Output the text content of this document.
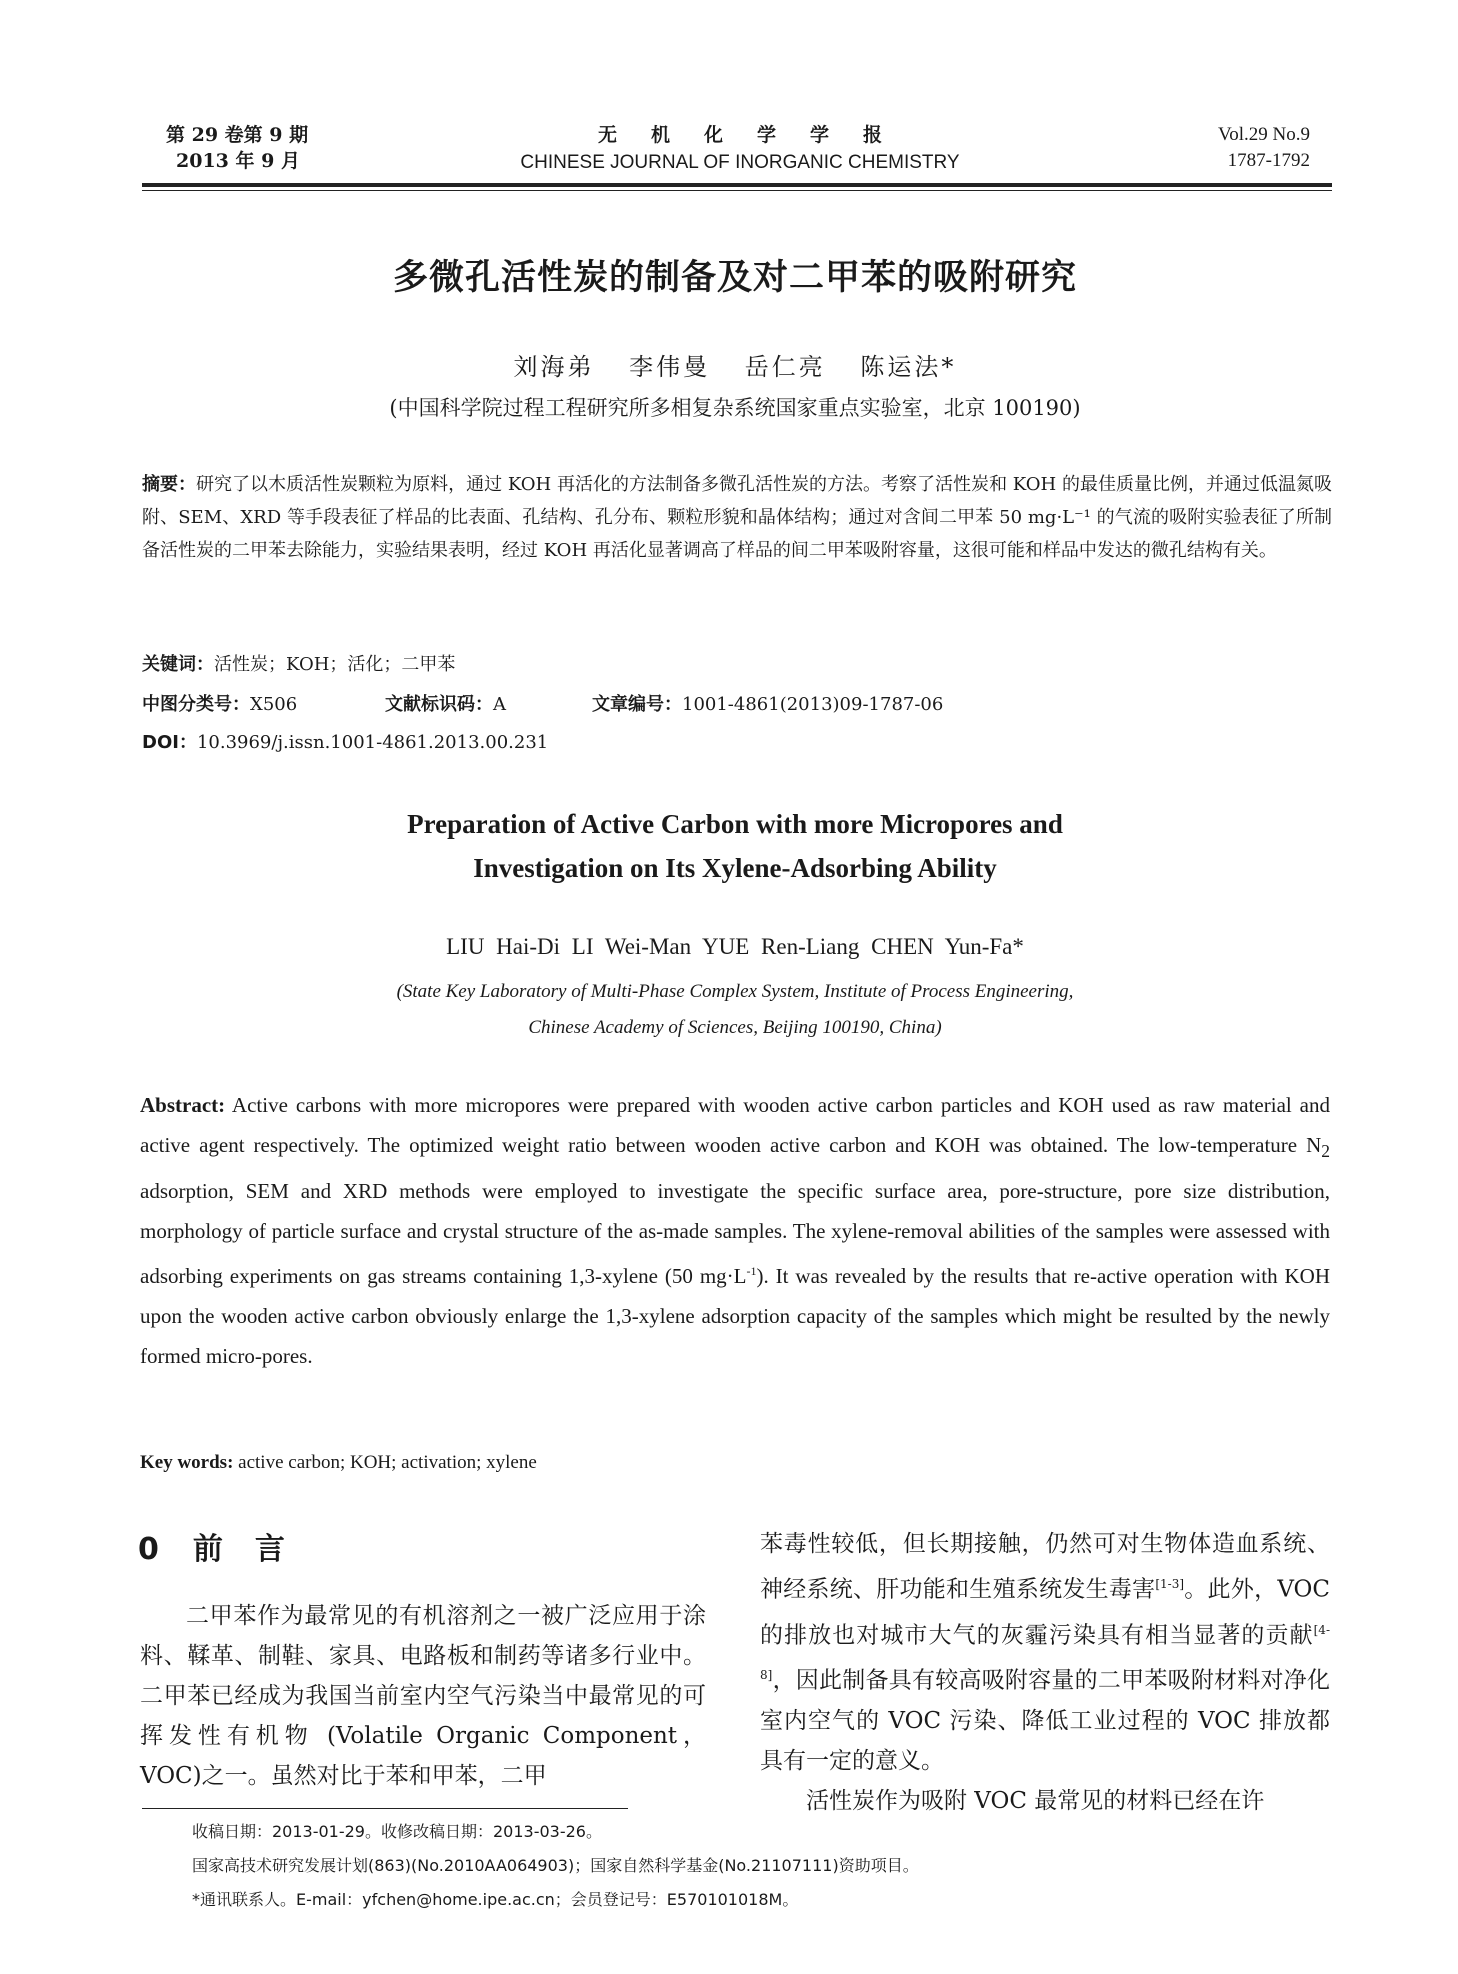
第 29 卷第 9 期
2013 年 9 月
无机化学学报
CHINESE JOURNAL OF INORGANIC CHEMISTRY
Vol.29 No.9
1787-1792
多微孔活性炭的制备及对二甲苯的吸附研究
刘海弟 李伟曼 岳仁亮 陈运法*
(中国科学院过程工程研究所多相复杂系统国家重点实验室，北京 100190)
摘要：研究了以木质活性炭颗粒为原料，通过 KOH 再活化的方法制备多微孔活性炭的方法。考察了活性炭和 KOH 的最佳质量比例，并通过低温氮吸附、SEM、XRD 等手段表征了样品的比表面、孔结构、孔分布、颗粒形貌和晶体结构；通过对含间二甲苯 50 mg·L⁻¹ 的气流的吸附实验表征了所制备活性炭的二甲苯去除能力，实验结果表明，经过 KOH 再活化显著调高了样品的间二甲苯吸附容量，这很可能和样品中发达的微孔结构有关。
关键词：活性炭；KOH；活化；二甲苯
中图分类号：X506	文献标识码：A	文章编号：1001-4861(2013)09-1787-06
DOI：10.3969/j.issn.1001-4861.2013.00.231
Preparation of Active Carbon with more Micropores and
Investigation on Its Xylene-Adsorbing Ability
LIU Hai-Di LI Wei-Man YUE Ren-Liang CHEN Yun-Fa*
(State Key Laboratory of Multi-Phase Complex System, Institute of Process Engineering,
Chinese Academy of Sciences, Beijing 100190, China)
Abstract: Active carbons with more micropores were prepared with wooden active carbon particles and KOH used as raw material and active agent respectively. The optimized weight ratio between wooden active carbon and KOH was obtained. The low-temperature $N_2$ adsorption, SEM and XRD methods were employed to investigate the specific surface area, pore-structure, pore size distribution, morphology of particle surface and crystal structure of the as-made samples. The xylene-removal abilities of the samples were assessed with adsorbing experiments on gas streams containing 1,3-xylene (50 $mg\cdot L^{-1}$). It was revealed by the results that re-active operation with KOH upon the wooden active carbon obviously enlarge the 1,3-xylene adsorption capacity of the samples which might be resulted by the newly formed micro-pores.
Key words: active carbon; KOH; activation; xylene
0 前言
二甲苯作为最常见的有机溶剂之一被广泛应用于涂料、鞣革、制鞋、家具、电路板和制药等诸多行业中。二甲苯已经成为我国当前室内空气污染当中最常见的可挥发性有机物 (Volatile Organic Component，VOC)之一。虽然对比于苯和甲苯，二甲
苯毒性较低，但长期接触，仍然可对生物体造血系统、神经系统、肝功能和生殖系统发生毒害[1-3]。此外，VOC 的排放也对城市大气的灰霾污染具有相当显著的贡献[4-8]，因此制备具有较高吸附容量的二甲苯吸附材料对净化室内空气的 VOC 污染、降低工业过程的 VOC 排放都具有一定的意义。
活性炭作为吸附 VOC 最常见的材料已经在许
收稿日期：2013-01-29。收修改稿日期：2013-03-26。
国家高技术研究发展计划(863)(No.2010AA064903)；国家自然科学基金(No.21107111)资助项目。
*通讯联系人。E-mail：yfchen@home.ipe.ac.cn；会员登记号：E570101018M。
